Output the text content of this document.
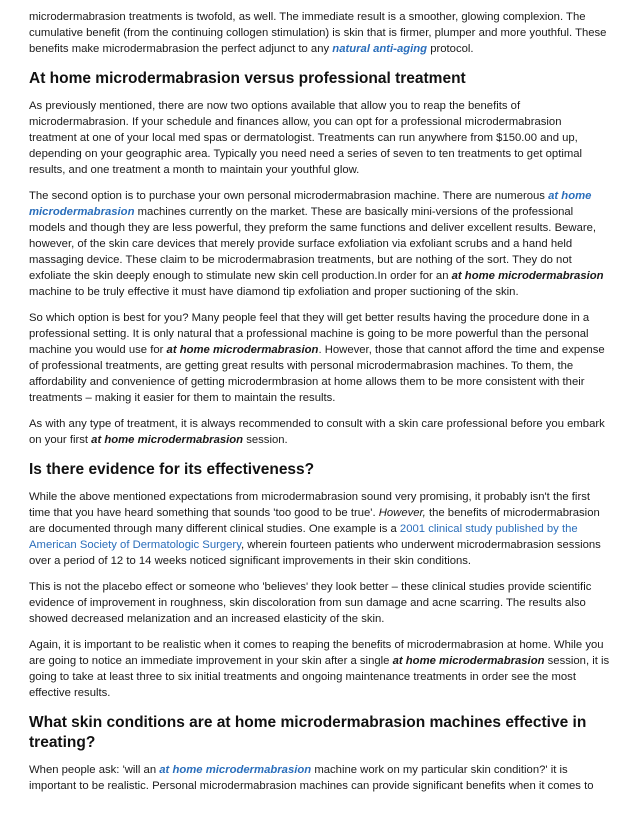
microdermabrasion treatments is twofold, as well. The immediate result is a smoother, glowing complexion. The cumulative benefit (from the continuing collogen stimulation) is skin that is firmer, plumper and more youthful. These benefits make microdermabrasion the perfect adjunct to any natural anti-aging protocol.

At home microdermabrasion versus professional treatment

As previously mentioned, there are now two options available that allow you to reap the benefits of microdermabrasion. If your schedule and finances allow, you can opt for a professional microdermabrasion treatment at one of your local med spas or dermatologist. Treatments can run anywhere from $150.00 and up, depending on your geographic area. Typically you need need a series of seven to ten treatments to get optimal results, and one treatment a month to maintain your youthful glow.

The second option is to purchase your own personal microdermabrasion machine. There are numerous at home microdermabrasion machines currently on the market. These are basically mini-versions of the professional models and though they are less powerful, they preform the same functions and deliver excellent results. Beware, however, of the skin care devices that merely provide surface exfoliation via exfoliant scrubs and a hand held massaging device. These claim to be microdermabrasion treatments, but are nothing of the sort. They do not exfoliate the skin deeply enough to stimulate new skin cell production.In order for an at home microdermabrasion machine to be truly effective it must have diamond tip exfoliation and proper suctioning of the skin.

So which option is best for you? Many people feel that they will get better results having the procedure done in a professional setting. It is only natural that a professional machine is going to be more powerful than the personal machine you would use for at home microdermabrasion. However, those that cannot afford the time and expense of professional treatments, are getting great results with personal microdermabrasion machines. To them, the affordability and convenience of getting microdermbrasion at home allows them to be more consistent with their treatments – making it easier for them to maintain the results.

As with any type of treatment, it is always recommended to consult with a skin care professional before you embark on your first at home microdermabrasion session.

Is there evidence for its effectiveness?

While the above mentioned expectations from microdermabrasion sound very promising, it probably isn't the first time that you have heard something that sounds 'too good to be true'. However, the benefits of microdermabrasion are documented through many different clinical studies. One example is a 2001 clinical study published by the American Society of Dermatologic Surgery, wherein fourteen patients who underwent microdermabrasion sessions over a period of 12 to 14 weeks noticed significant improvements in their skin conditions.

This is not the placebo effect or someone who 'believes' they look better – these clinical studies provide scientific evidence of improvement in roughness, skin discoloration from sun damage and acne scarring. The results also showed decreased melanization and an increased elasticity of the skin.

Again, it is important to be realistic when it comes to reaping the benefits of microdermabrasion at home. While you are going to notice an immediate improvement in your skin after a single at home microdermabrasion session, it is going to take at least three to six initial treatments and ongoing maintenance treatments in order see the most effective results.

What skin conditions are at home microdermabrasion machines effective in treating?

When people ask: 'will an at home microdermabrasion machine work on my particular skin condition?' it is important to be realistic. Personal microdermabrasion machines can provide significant benefits when it comes to
